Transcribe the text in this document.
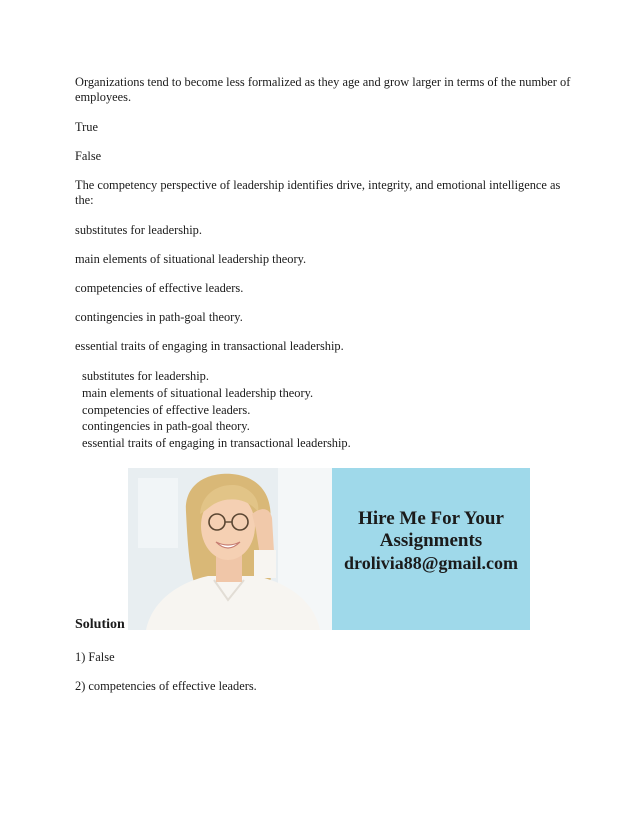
Organizations tend to become less formalized as they age and grow larger in terms of the number of employees.

True

False

The competency perspective of leadership identifies drive, integrity, and emotional intelligence as the:

substitutes for leadership.

main elements of situational leadership theory.

competencies of effective leaders.

contingencies in path-goal theory.

essential traits of engaging in transactional leadership.

substitutes for leadership.
main elements of situational leadership theory.
competencies of effective leaders.
contingencies in path-goal theory.
essential traits of engaging in transactional leadership.
Hire Me For Your
Assignments
drolivia88@gmail.com

Solution

1) False

2) competencies of effective leaders.
